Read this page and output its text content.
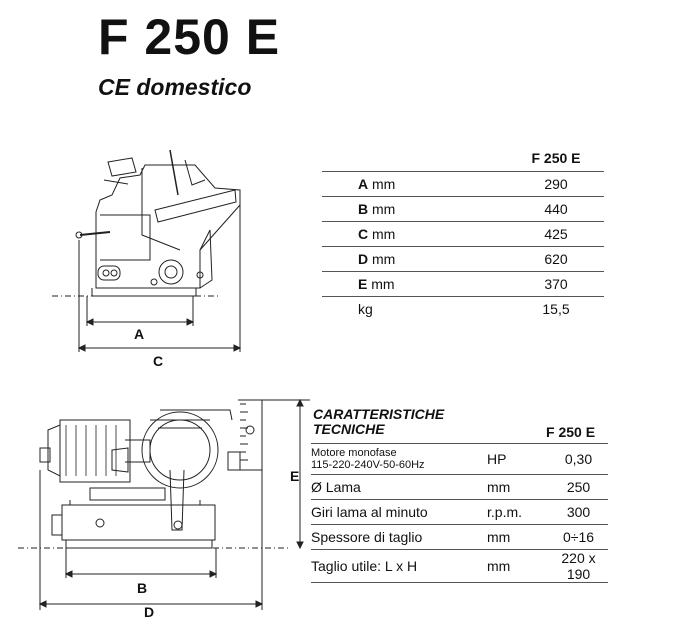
F 250 E
CE domestico
A
C
B
D
E
		F 250 E
	A mm	290
	B mm	440
	C mm	425
	D mm	620
	E mm	370
	kg	15,5
CARATTERISTICHE
TECNICHE	F 250 E
Motore monofase
115-220-240V-50-60Hz	HP	0,30
Ø Lama	mm	250
Giri lama al minuto	r.p.m.	300
Spessore di taglio	mm	0÷16
Taglio utile: L x H	mm	220 x 190
